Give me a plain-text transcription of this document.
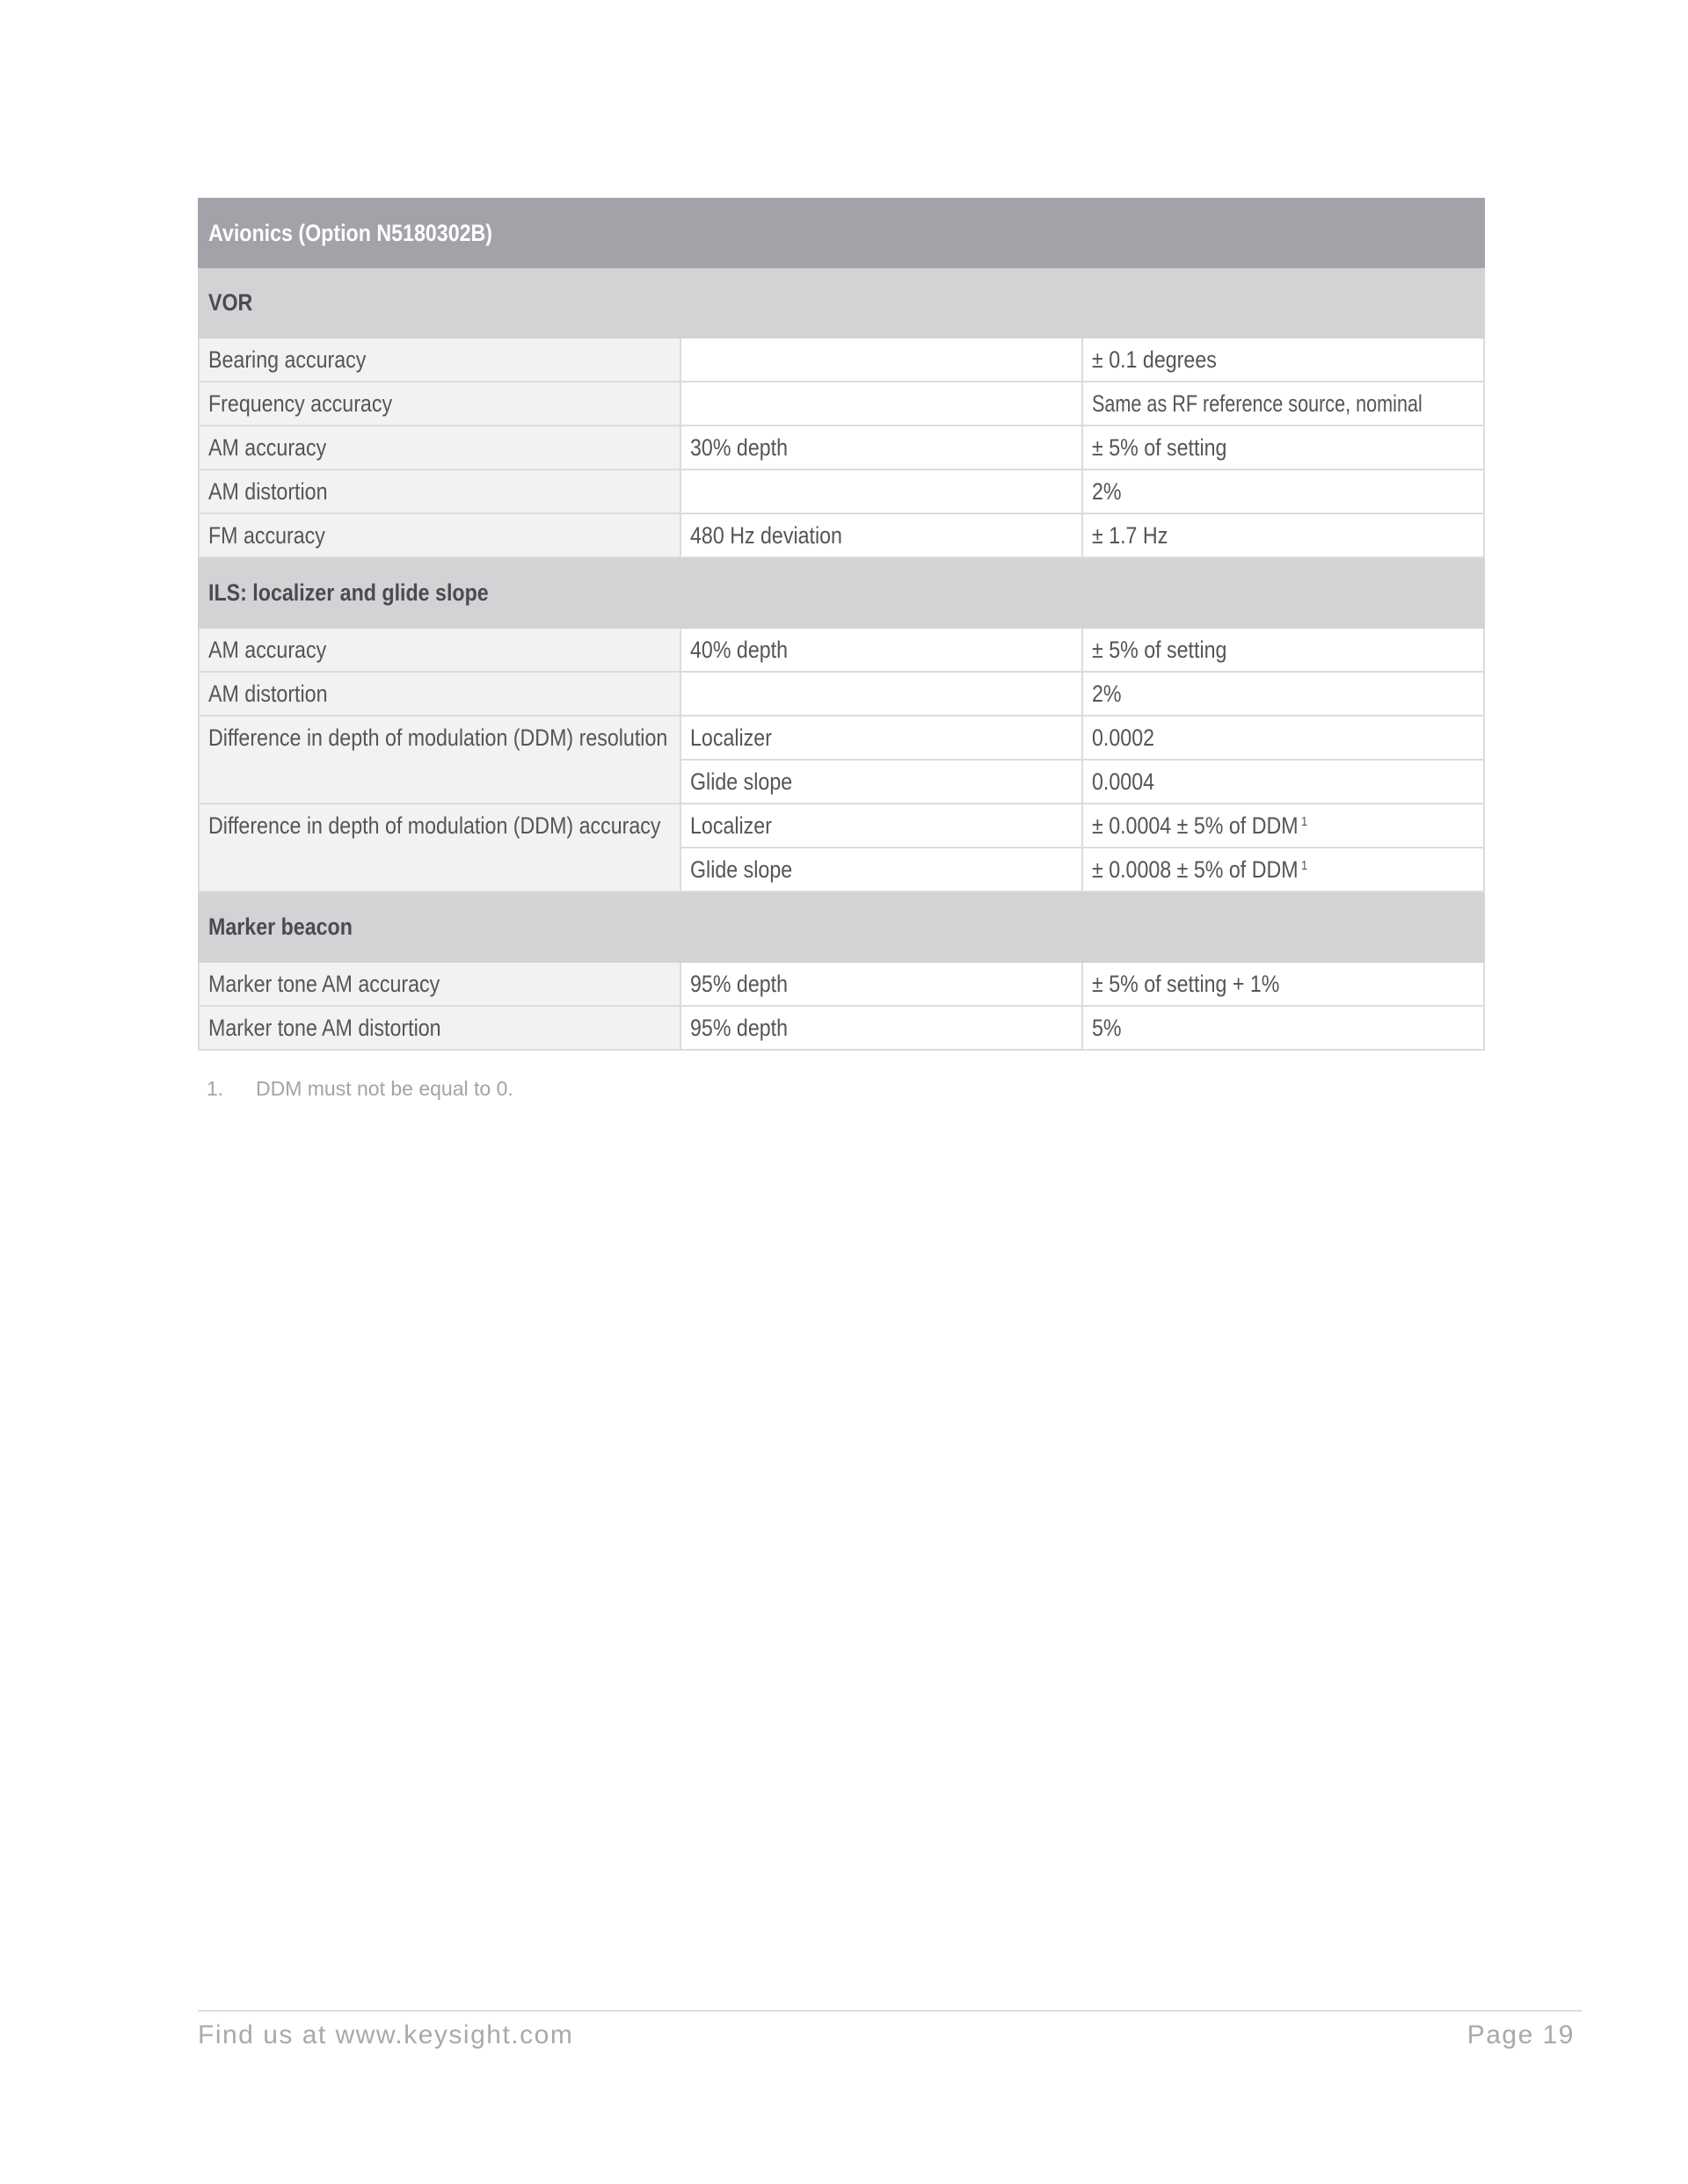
Avionics (Option N5180302B)		
VOR		
Bearing accuracy		± 0.1 degrees
Frequency accuracy		Same as RF reference source, nominal
AM accuracy	30% depth	± 5% of setting
AM distortion		2%
FM accuracy	480 Hz deviation	± 1.7 Hz
ILS: localizer and glide slope		
AM accuracy	40% depth	± 5% of setting
AM distortion		2%
Difference in depth of modulation (DDM) resolution	Localizer	0.0002
	Glide slope	0.0004
Difference in depth of modulation (DDM) accuracy	Localizer	± 0.0004 ± 5% of DDM $^1$
	Glide slope	± 0.0008 ± 5% of DDM $^1$
Marker beacon		
Marker tone AM accuracy	95% depth	± 5% of setting + 1%
Marker tone AM distortion	95% depth	5%
1. DDM must not be equal to 0.
Find us at www.keysight.com	Page 19
